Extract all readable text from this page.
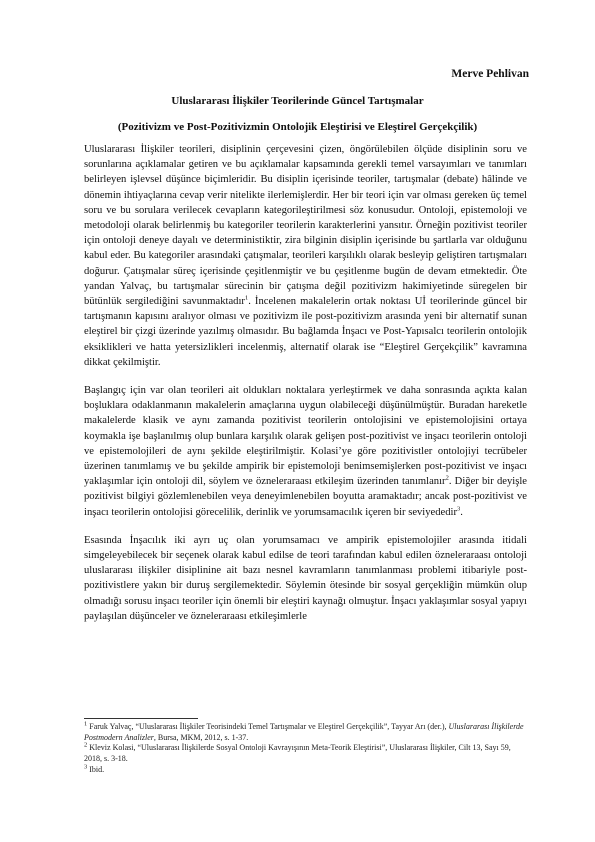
Merve Pehlivan
Uluslararası İlişkiler Teorilerinde Güncel Tartışmalar
(Pozitivizm ve Post-Pozitivizmin Ontolojik Eleştirisi ve Eleştirel Gerçekçilik)

Uluslararası İlişkiler teorileri, disiplinin çerçevesini çizen, öngörülebilen ölçüde disiplinin soru ve sorunlarına açıklamalar getiren ve bu açıklamalar kapsamında gerekli temel varsayımları ve tanımları belirleyen işlevsel düşünce biçimleridir. Bu disiplin içerisinde teoriler, tartışmalar (debate) hâlinde ve dönemin ihtiyaçlarına cevap verir nitelikte ilerlemişlerdir. Her bir teori için var olması gereken üç temel soru ve bu sorulara verilecek cevapların kategorileştirilmesi söz konusudur. Ontoloji, epistemoloji ve metodoloji olarak belirlenmiş bu kategoriler teorilerin karakterlerini yansıtır. Örneğin pozitivist teoriler için ontoloji deneye dayalı ve deterministiktir, zira bilginin disiplin içerisinde bu şartlarla var olduğunu kabul eder. Bu kategoriler arasındaki çatışmalar, teorileri karşılıklı olarak besleyip geliştiren tartışmaları doğurur. Çatışmalar süreç içerisinde çeşitlenmiştir ve bu çeşitlenme bugün de devam etmektedir. Öte yandan Yalvaç, bu tartışmalar sürecinin bir çatışma değil pozitivizm hakimiyetinde süregelen bir bütünlük sergilediğini savunmaktadır$^1$. İncelenen makalelerin ortak noktası Uİ teorilerinde güncel bir tartışmanın kapısını aralıyor olması ve pozitivizm ile post-pozitivizm arasında yeni bir alternatif sunan eleştirel bir çizgi üzerinde yazılmış olmasıdır. Bu bağlamda İnşacı ve Post-Yapısalcı teorilerin ontolojik eksiklikleri ve hatta yetersizlikleri incelenmiş, alternatif olarak ise “Eleştirel Gerçekçilik” kavramına dikkat çekilmiştir.

Başlangıç için var olan teorileri ait oldukları noktalara yerleştirmek ve daha sonrasında açıkta kalan boşluklara odaklanmanın makalelerin amaçlarına uygun olabileceği düşünülmüştür. Buradan hareketle makalelerde klasik ve aynı zamanda pozitivist teorilerin ontolojisini ve epistemolojisini ortaya koymakla işe başlanılmış olup bunlara karşılık olarak gelişen post-pozitivist ve inşacı teorilerin ontoloji ve epistemolojileri de aynı şekilde eleştirilmiştir. Kolasi’ye göre pozitivistler ontolojiyi tecrübeler üzerinen tanımlamış ve bu şekilde ampirik bir epistemoloji benimsemişlerken post-pozitivist ve inşacı yaklaşımlar için ontoloji dil, söylem ve özneleraraası etkileşim üzerinden tanımlanır$^2$. Diğer bir deyişle pozitivist bilgiyi gözlemlenebilen veya deneyimlenebilen boyutta aramaktadır; ancak post-pozitivist ve inşacı teorilerin ontolojisi görecelilik, derinlik ve yorumsamacılık içeren bir seviyededir$^3$.

Esasında İnşacılık iki ayrı uç olan yorumsamacı ve ampirik epistemolojiler arasında itidali simgeleyebilecek bir seçenek olarak kabul edilse de teori tarafından kabul edilen özneleraraası ontoloji uluslararası ilişkiler disiplinine ait bazı nesnel kavramların tanımlanması problemi itibariyle post-pozitivistlere yakın bir duruş sergilemektedir. Söylemin ötesinde bir sosyal gerçekliğin mümkün olup olmadığı sorusu inşacı teoriler için önemli bir eleştiri kaynağı olmuştur. İnşacı yaklaşımlar sosyal yapıyı paylaşılan düşünceler ve özneleraraası etkileşimlerle

$^1$ Faruk Yalvaç, “Uluslararası İlişkiler Teorisindeki Temel Tartışmalar ve Eleştirel Gerçekçilik”, Tayyar Arı (der.), Uluslararası İlişkilerde Postmodern Analizler, Bursa, MKM, 2012, s. 1-37.
$^2$ Kleviz Kolasi, “Uluslararası İlişkilerde Sosyal Ontoloji Kavrayışının Meta-Teorik Eleştirisi”, Uluslararası İlişkiler, Cilt 13, Sayı 59, 2018, s. 3-18.
$^3$ Ibid.
